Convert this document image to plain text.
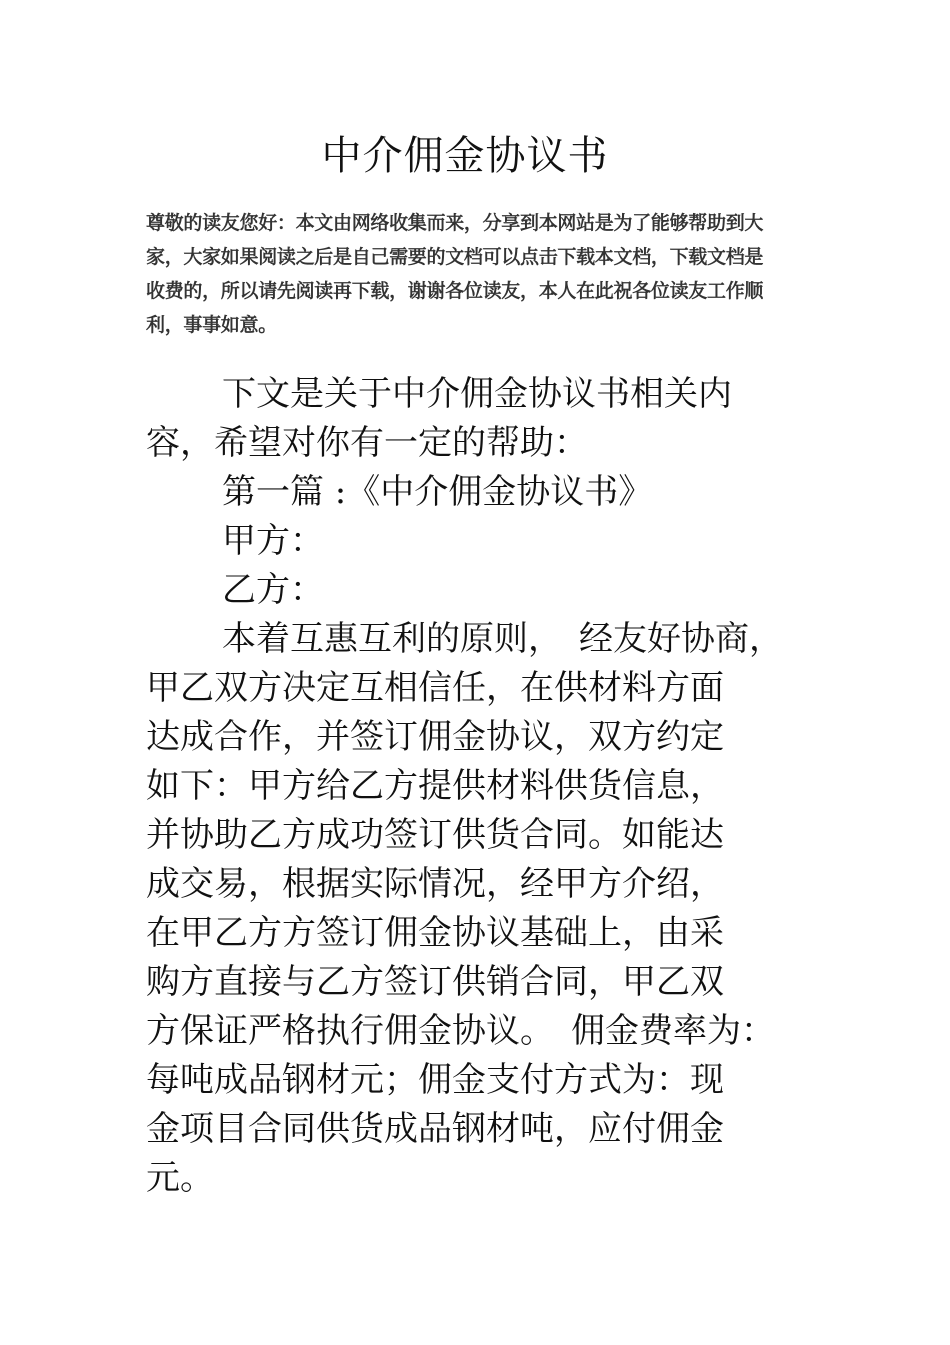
中介佣金协议书
尊敬的读友您好：本文由网络收集而来，分享到本网站是为了能够帮助到大
家，大家如果阅读之后是自己需要的文档可以点击下载本文档，下载文档是
收费的，所以请先阅读再下载，谢谢各位读友，本人在此祝各位读友工作顺
利，事事如意。
下文是关于中介佣金协议书相关内
容，希望对你有一定的帮助：
第一篇 :《中介佣金协议书》
甲方：
乙方：
本着互惠互利的原则，　经友好协商，
甲乙双方决定互相信任，在供材料方面
达成合作，并签订佣金协议，双方约定
如下：甲方给乙方提供材料供货信息，
并协助乙方成功签订供货合同。如能达
成交易，根据实际情况，经甲方介绍，
在甲乙方方签订佣金协议基础上，由采
购方直接与乙方签订供销合同，甲乙双
方保证严格执行佣金协议。　佣金费率为：
每吨成品钢材元；佣金支付方式为：现
金项目合同供货成品钢材吨，应付佣金
元。
